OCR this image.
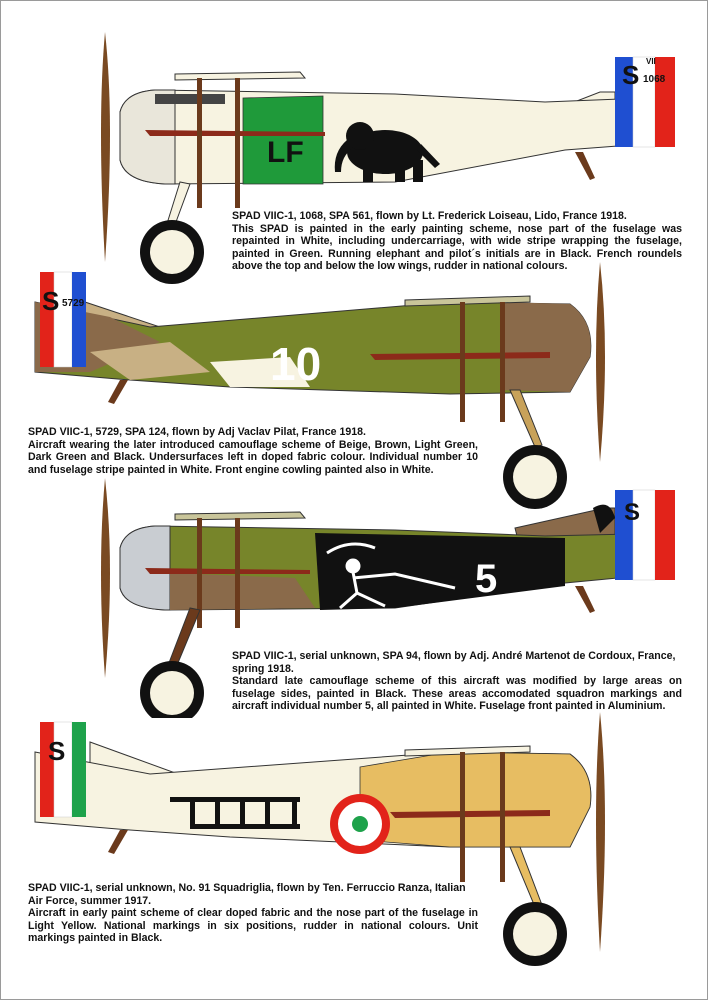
LF
S 1068
VII

SPAD VIIC-1, 1068, SPA 561, flown by Lt. Frederick Loiseau, Lido, France 1918.

This SPAD is painted in the early painting scheme, nose part of the fuselage was repainted in White, including undercarriage, with wide stripe wrapping the fuselage, painted in Green. Running elephant and pilot´s initials are in Black. French roundels above the top and below the low wings, rudder in national colours.

10
S 5729

SPAD VIIC-1, 5729, SPA 124, flown by Adj Vaclav Pilat, France 1918.

Aircraft wearing the later introduced camouflage scheme of Beige, Brown, Light Green, Dark Green and Black. Undersurfaces left in doped fabric colour. Individual number 10 and fuselage stripe painted in White. Front engine cowling painted also in White.

5
S

SPAD VIIC-1, serial unknown, SPA 94, flown by Adj. André Martenot de Cordoux, France, spring 1918.

Standard late camouflage scheme of this aircraft was modified by large areas on fuselage sides, painted in Black. These areas accomodated squadron markings and aircraft individual number 5, all painted in White. Fuselage front painted in Aluminium.

S

SPAD VIIC-1, serial unknown, No. 91 Squadriglia, flown by Ten. Ferruccio Ranza, Italian Air Force, summer 1917.

Aircraft in early paint scheme of clear doped fabric and the nose part of the fuselage in Light Yellow. National markings in six positions, rudder in national colours. Unit markings painted in Black.
